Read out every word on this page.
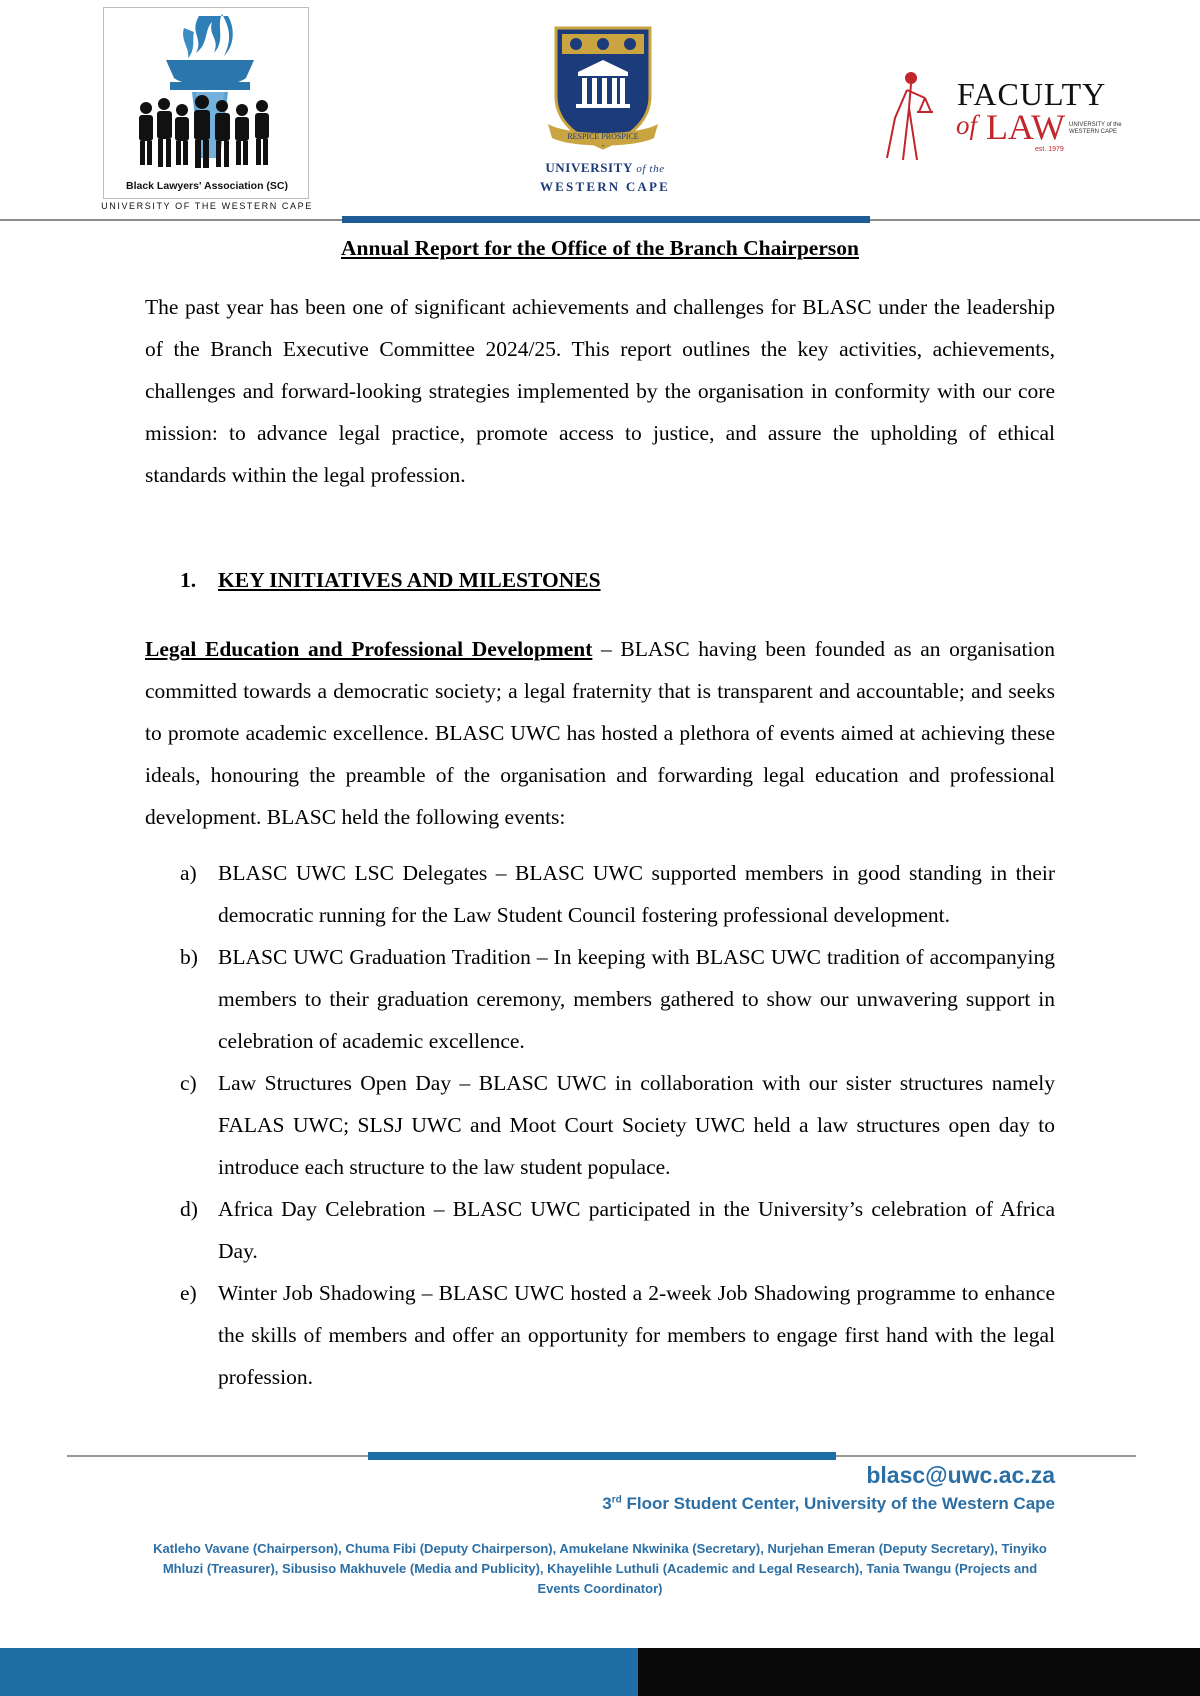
Black Lawyers' Association (SC)
UNIVERSITY OF THE WESTERN CAPE
RESPICE PROSPICE
UNIVERSITY of the
WESTERN CAPE
FACULTY
of LAW UNIVERSITY of the
WESTERN CAPE
est. 1979
Annual Report for the Office of the Branch Chairperson

The past year has been one of significant achievements and challenges for BLASC under the leadership of the Branch Executive Committee 2024/25. This report outlines the key activities, achievements, challenges and forward-looking strategies implemented by the organisation in conformity with our core mission: to advance legal practice, promote access to justice, and assure the upholding of ethical standards within the legal profession.

1. KEY INITIATIVES AND MILESTONES

Legal Education and Professional Development – BLASC having been founded as an organisation committed towards a democratic society; a legal fraternity that is transparent and accountable; and seeks to promote academic excellence. BLASC UWC has hosted a plethora of events aimed at achieving these ideals, honouring the preamble of the organisation and forwarding legal education and professional development. BLASC held the following events:

a) BLASC UWC LSC Delegates – BLASC UWC supported members in good standing in their democratic running for the Law Student Council fostering professional development.
b) BLASC UWC Graduation Tradition – In keeping with BLASC UWC tradition of accompanying members to their graduation ceremony, members gathered to show our unwavering support in celebration of academic excellence.
c) Law Structures Open Day – BLASC UWC in collaboration with our sister structures namely FALAS UWC; SLSJ UWC and Moot Court Society UWC held a law structures open day to introduce each structure to the law student populace.
d) Africa Day Celebration – BLASC UWC participated in the University’s celebration of Africa Day.
e) Winter Job Shadowing – BLASC UWC hosted a 2-week Job Shadowing programme to enhance the skills of members and offer an opportunity for members to engage first hand with the legal profession.
blasc@uwc.ac.za
3rd Floor Student Center, University of the Western Cape
Katleho Vavane (Chairperson), Chuma Fibi (Deputy Chairperson), Amukelane Nkwinika (Secretary), Nurjehan Emeran (Deputy Secretary), Tinyiko Mhluzi (Treasurer), Sibusiso Makhuvele (Media and Publicity), Khayelihle Luthuli (Academic and Legal Research), Tania Twangu (Projects and Events Coordinator)
